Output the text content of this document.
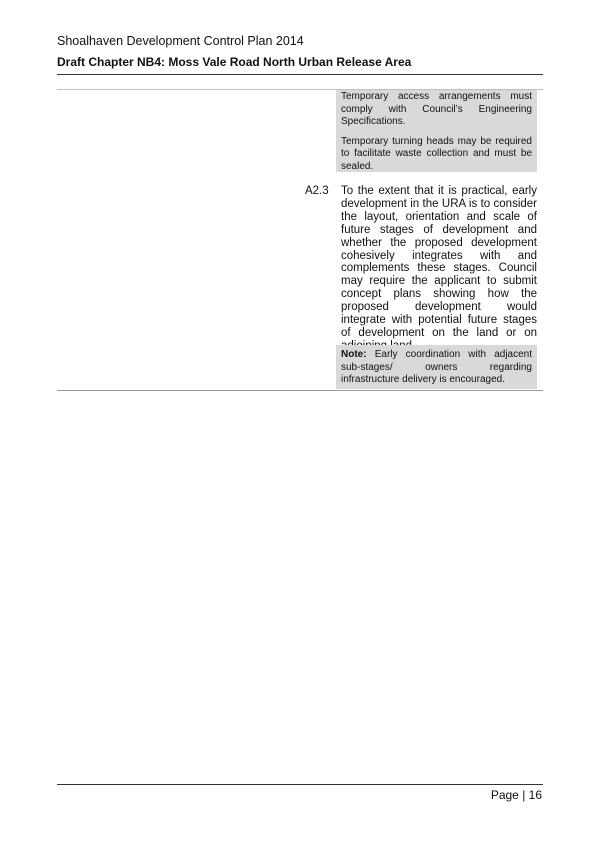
Shoalhaven Development Control Plan 2014
Draft Chapter NB4: Moss Vale Road North Urban Release Area

Temporary access arrangements must comply with Council’s Engineering Specifications.

Temporary turning heads may be required to facilitate waste collection and must be sealed.

A2.3 To the extent that it is practical, early development in the URA is to consider the layout, orientation and scale of future stages of development and whether the proposed development cohesively integrates with and complements these stages. Council may require the applicant to submit concept plans showing how the proposed development would integrate with potential future stages of development on the land or on

Note: Early coordination with adjacent sub-stages/ owners regarding infrastructure delivery is encouraged.

Page | 16
